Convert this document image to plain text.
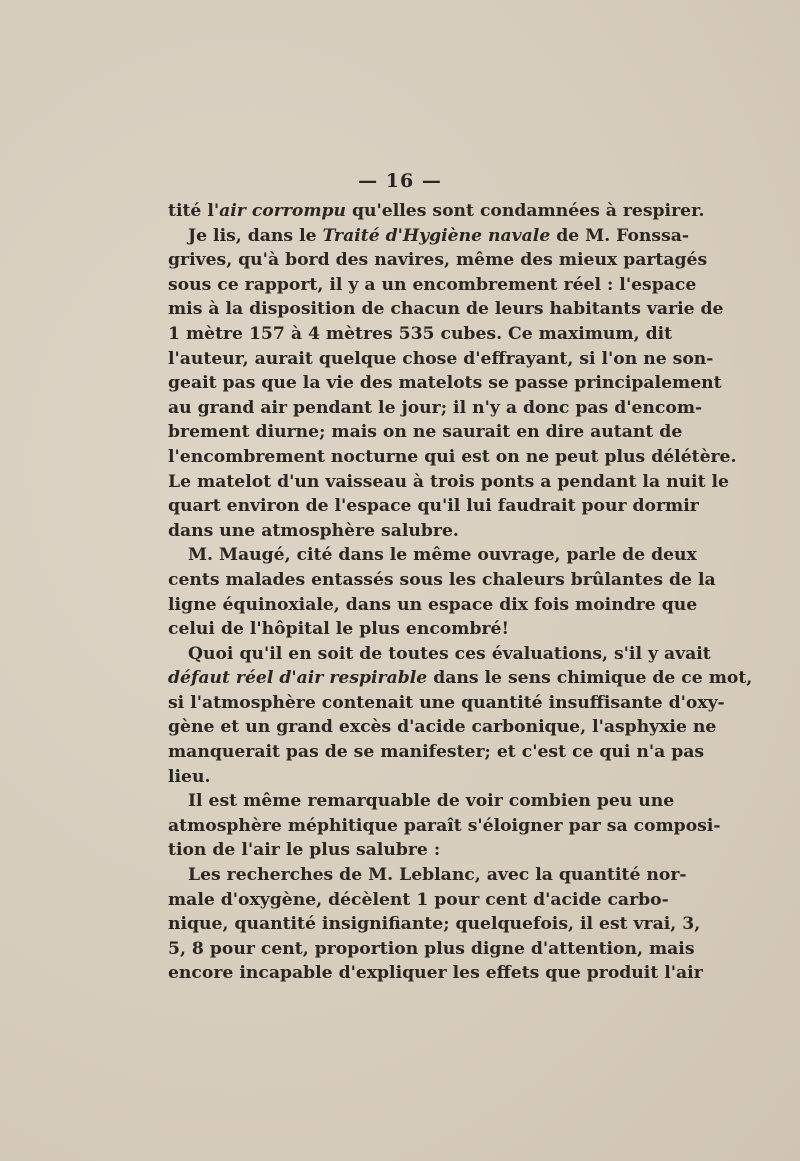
— 16 —
tité l'air corrompu qu'elles sont condamnées à respirer.
Je lis, dans le Traité d'Hygiène navale de M. Fonssa-
grives, qu'à bord des navires, même des mieux partagés
sous ce rapport, il y a un encombrement réel : l'espace
mis à la disposition de chacun de leurs habitants varie de
1 mètre 157 à 4 mètres 535 cubes. Ce maximum, dit
l'auteur, aurait quelque chose d'effrayant, si l'on ne son-
geait pas que la vie des matelots se passe principalement
au grand air pendant le jour; il n'y a donc pas d'encom-
brement diurne; mais on ne saurait en dire autant de
l'encombrement nocturne qui est on ne peut plus délétère.
Le matelot d'un vaisseau à trois ponts a pendant la nuit le
quart environ de l'espace qu'il lui faudrait pour dormir
dans une atmosphère salubre.
M. Maugé, cité dans le même ouvrage, parle de deux
cents malades entassés sous les chaleurs brûlantes de la
ligne équinoxiale, dans un espace dix fois moindre que
celui de l'hôpital le plus encombré!
Quoi qu'il en soit de toutes ces évaluations, s'il y avait
défaut réel d'air respirable dans le sens chimique de ce mot,
si l'atmosphère contenait une quantité insuffisante d'oxy-
gène et un grand excès d'acide carbonique, l'asphyxie ne
manquerait pas de se manifester; et c'est ce qui n'a pas
lieu.
Il est même remarquable de voir combien peu une
atmosphère méphitique paraît s'éloigner par sa composi-
tion de l'air le plus salubre :
Les recherches de M. Leblanc, avec la quantité nor-
male d'oxygène, décèlent 1 pour cent d'acide carbo-
nique, quantité insignifiante; quelquefois, il est vrai, 3,
5, 8 pour cent, proportion plus digne d'attention, mais
encore incapable d'expliquer les effets que produit l'air
